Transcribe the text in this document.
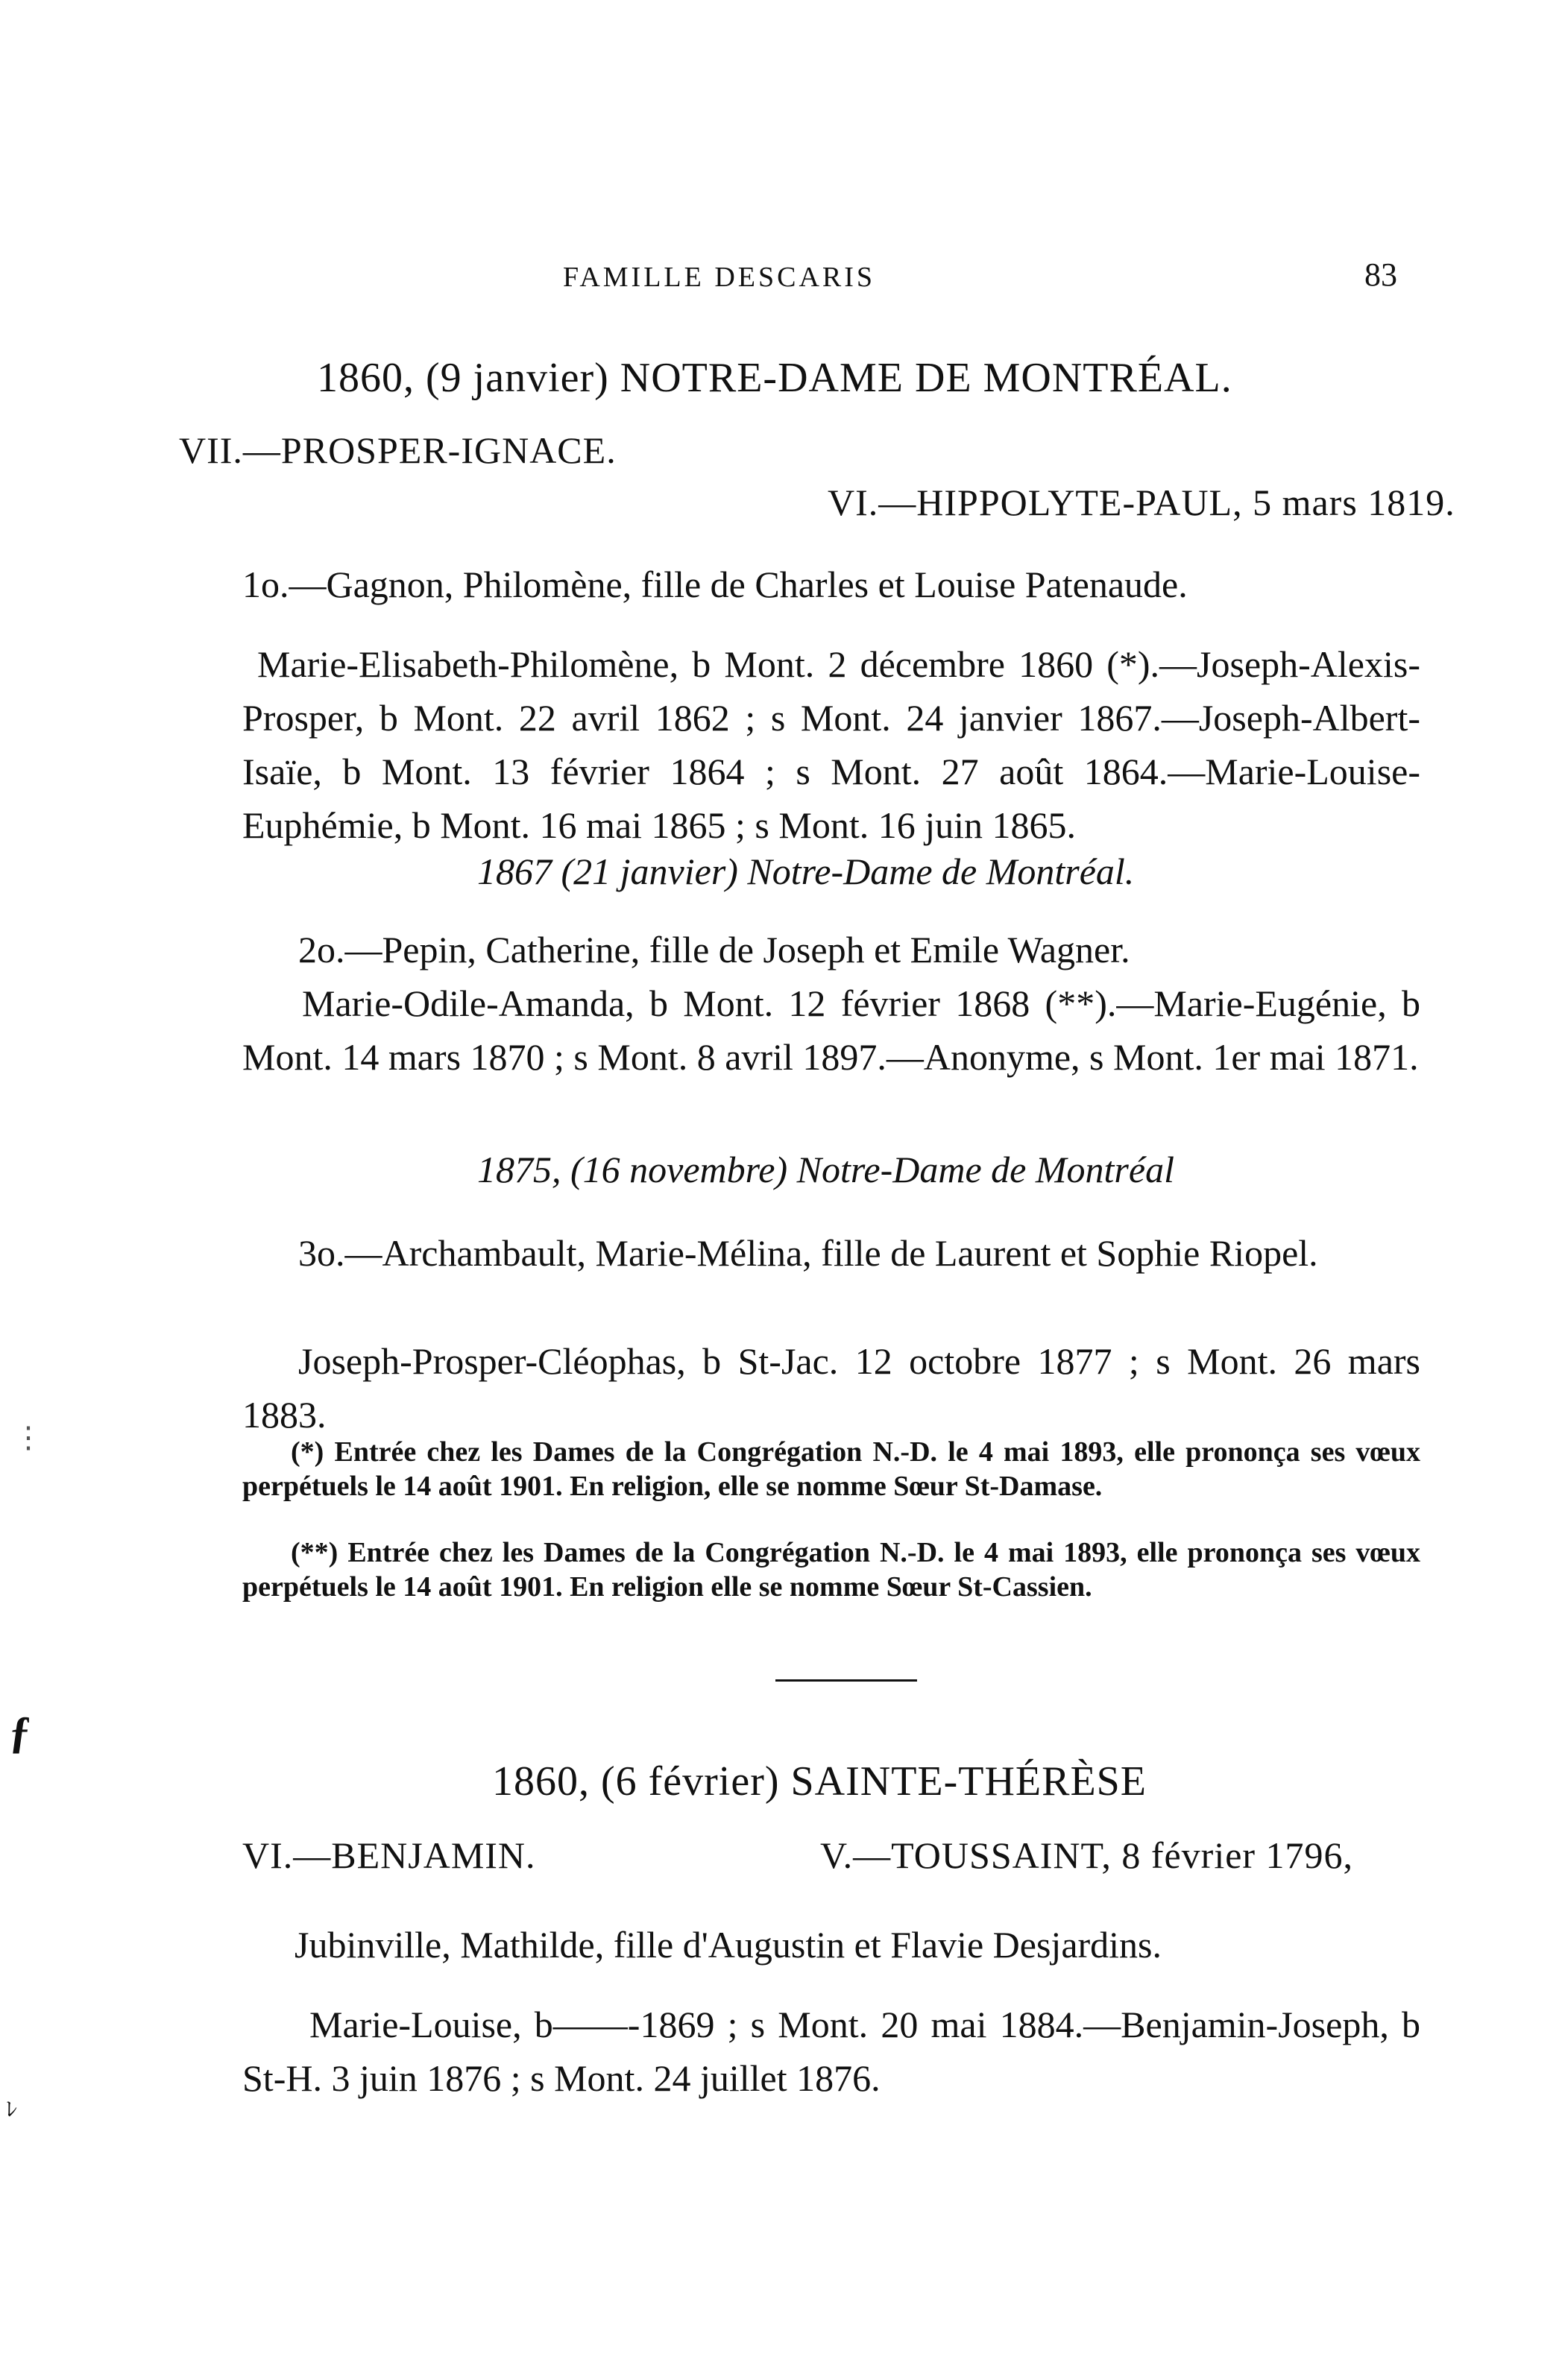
FAMILLE DESCARIS	83
1860, (9 janvier) NOTRE-DAME DE MONTRÉAL.
VII.—PROSPER-IGNACE.
VI.—HIPPOLYTE-PAUL, 5 mars 1819.
1o.—Gagnon, Philomène, fille de Charles et Louise Patenaude.
Marie-Elisabeth-Philomène, b Mont. 2 décembre 1860 (*).—Joseph-Alexis-Prosper, b Mont. 22 avril 1862 ; s Mont. 24 janvier 1867.—Joseph-Albert-Isaïe, b Mont. 13 février 1864 ; s Mont. 27 août 1864.—Marie-Louise-Euphémie, b Mont. 16 mai 1865 ; s Mont. 16 juin 1865.
1867 (21 janvier) Notre-Dame de Montréal.
2o.—Pepin, Catherine, fille de Joseph et Emile Wagner.
Marie-Odile-Amanda, b Mont. 12 février 1868 (**).—Marie-Eugénie, b Mont. 14 mars 1870 ; s Mont. 8 avril 1897.—Anonyme, s Mont. 1er mai 1871.
1875, (16 novembre) Notre-Dame de Montréal
3o.—Archambault, Marie-Mélina, fille de Laurent et Sophie Riopel.
Joseph-Prosper-Cléophas, b St-Jac. 12 octobre 1877 ; s Mont. 26 mars 1883.
(*) Entrée chez les Dames de la Congrégation N.-D. le 4 mai 1893, elle prononça ses vœux perpétuels le 14 août 1901. En religion, elle se nomme Sœur St-Damase.
(**) Entrée chez les Dames de la Congrégation N.-D. le 4 mai 1893, elle prononça ses vœux perpétuels le 14 août 1901. En religion elle se nomme Sœur St-Cassien.
1860, (6 février) SAINTE-THÉRÈSE
VI.—BENJAMIN.	V.—TOUSSAINT, 8 février 1796,
Jubinville, Mathilde, fille d'Augustin et Flavie Desjardins.
Marie-Louise, b——-1869 ; s Mont. 20 mai 1884.—Benjamin-Joseph, b St-H. 3 juin 1876 ; s Mont. 24 juillet 1876.
⋮
ƒ
ﾚ
